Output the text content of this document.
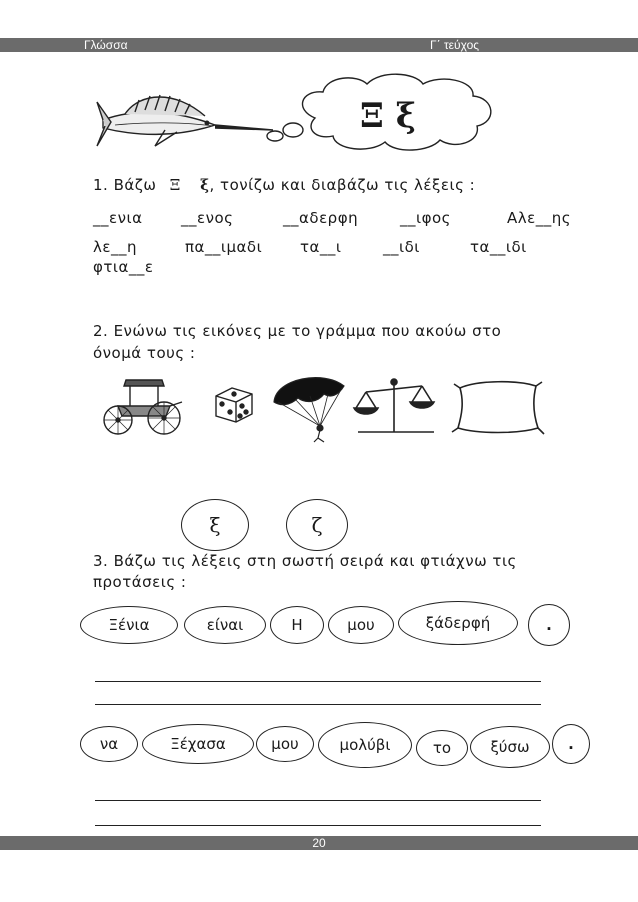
Γλώσσα	Γ΄ τεύχος
Ξ ξ
1. Βάζω Ξ ξ, τονίζω και διαβάζω τις λέξεις :
__ενια	__ενος	__αδερφη	__ιφος	Αλε__ης
λε__η	πα__ιμαδι	τα__ι	__ιδι	τα__ιδι
φτια__ε
2. Ενώνω τις εικόνες με το γράμμα που ακούω στο
όνομά τους :
ξ	ζ
3. Βάζω τις λέξεις στη σωστή σειρά και φτιάχνω τις
προτάσεις :
Ξένια	είναι	Η	μου	ξάδερφή	.
να	Ξέχασα	μου	μολύβι	το	ξύσω	.
20
